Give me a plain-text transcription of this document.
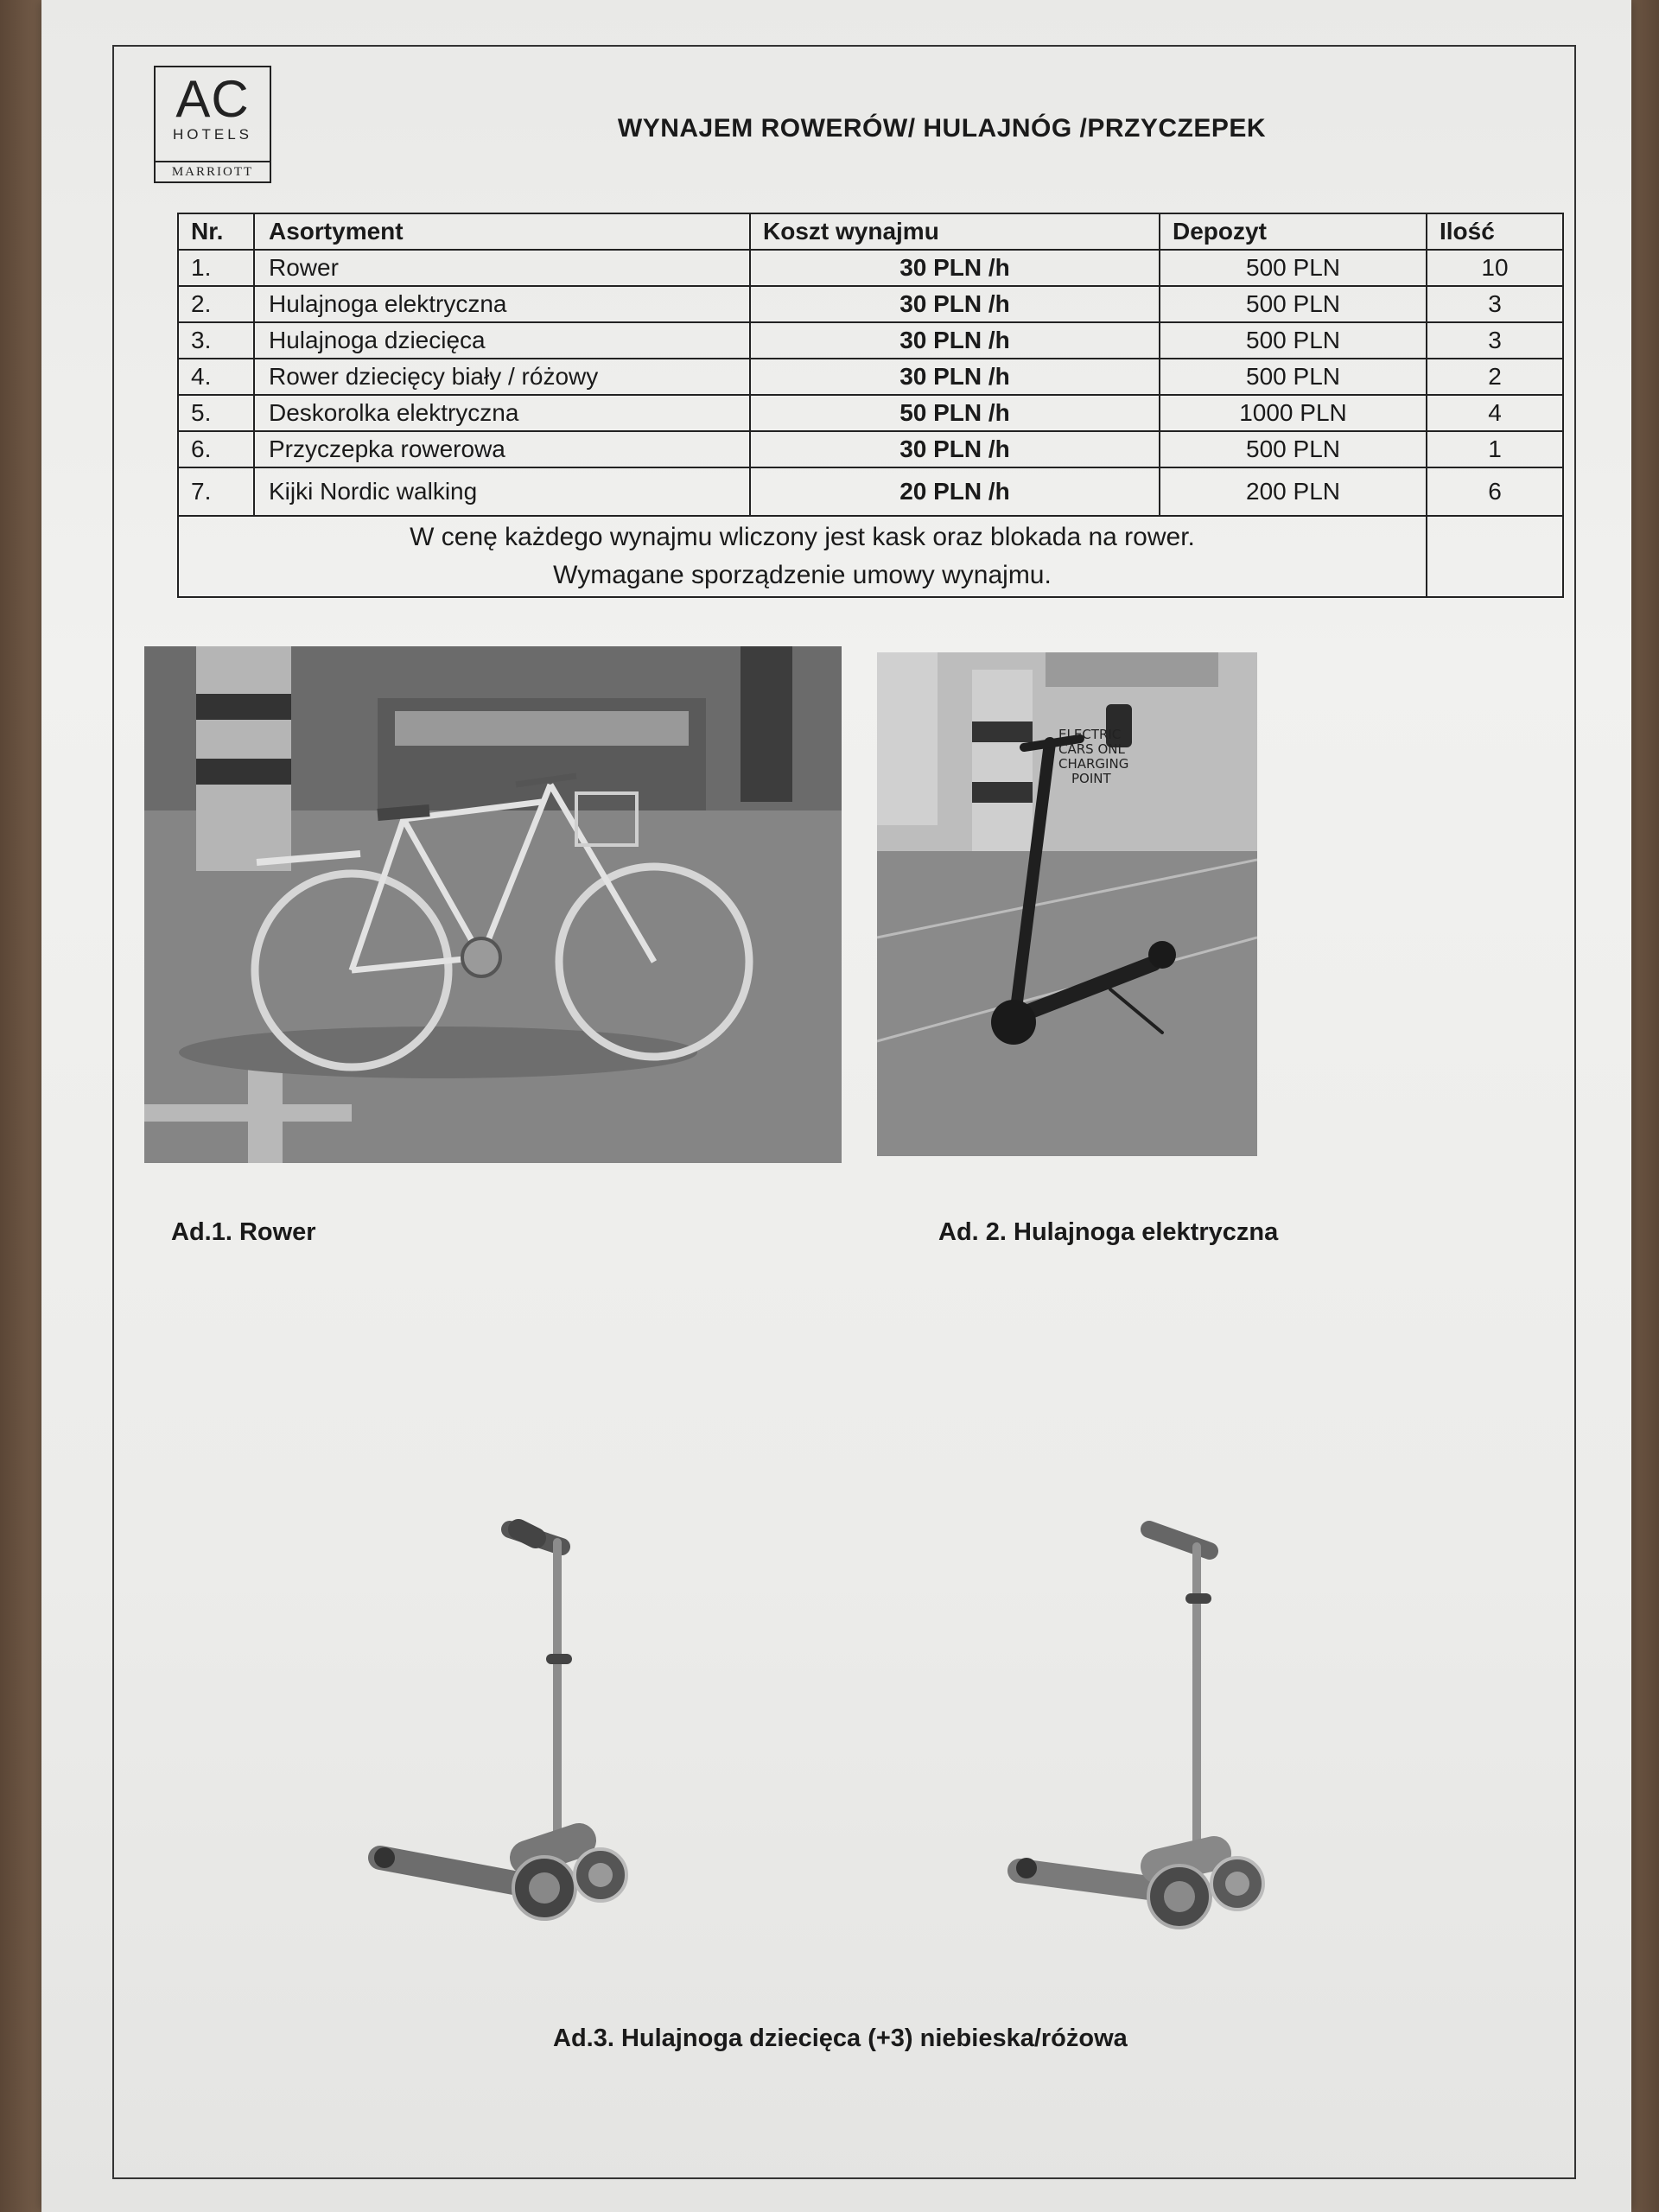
AC
HOTELS
MARRIOTT
WYNAJEM ROWERÓW/ HULAJNÓG /PRZYCZEPEK
Nr.	Asortyment	Koszt wynajmu	Depozyt	Ilość
1.	Rower	30 PLN /h	500 PLN	10
2.	Hulajnoga elektryczna	30 PLN /h	500 PLN	3
3.	Hulajnoga dziecięca	30 PLN /h	500 PLN	3
4.	Rower dziecięcy biały / różowy	30 PLN /h	500 PLN	2
5.	Deskorolka elektryczna	50 PLN /h	1000 PLN	4
6.	Przyczepka rowerowa	30 PLN /h	500 PLN	1
7.	Kijki Nordic walking	20 PLN /h	200 PLN	6

W cenę każdego wynajmu wliczony jest kask oraz blokada na rower.
Wymagane sporządzenie umowy wynajmu.				

ELECTRIC
CARS ONL
CHARGING
POINT
Ad.1. Rower	Ad. 2. Hulajnoga elektryczna
Ad.3. Hulajnoga dziecięca (+3) niebieska/różowa
